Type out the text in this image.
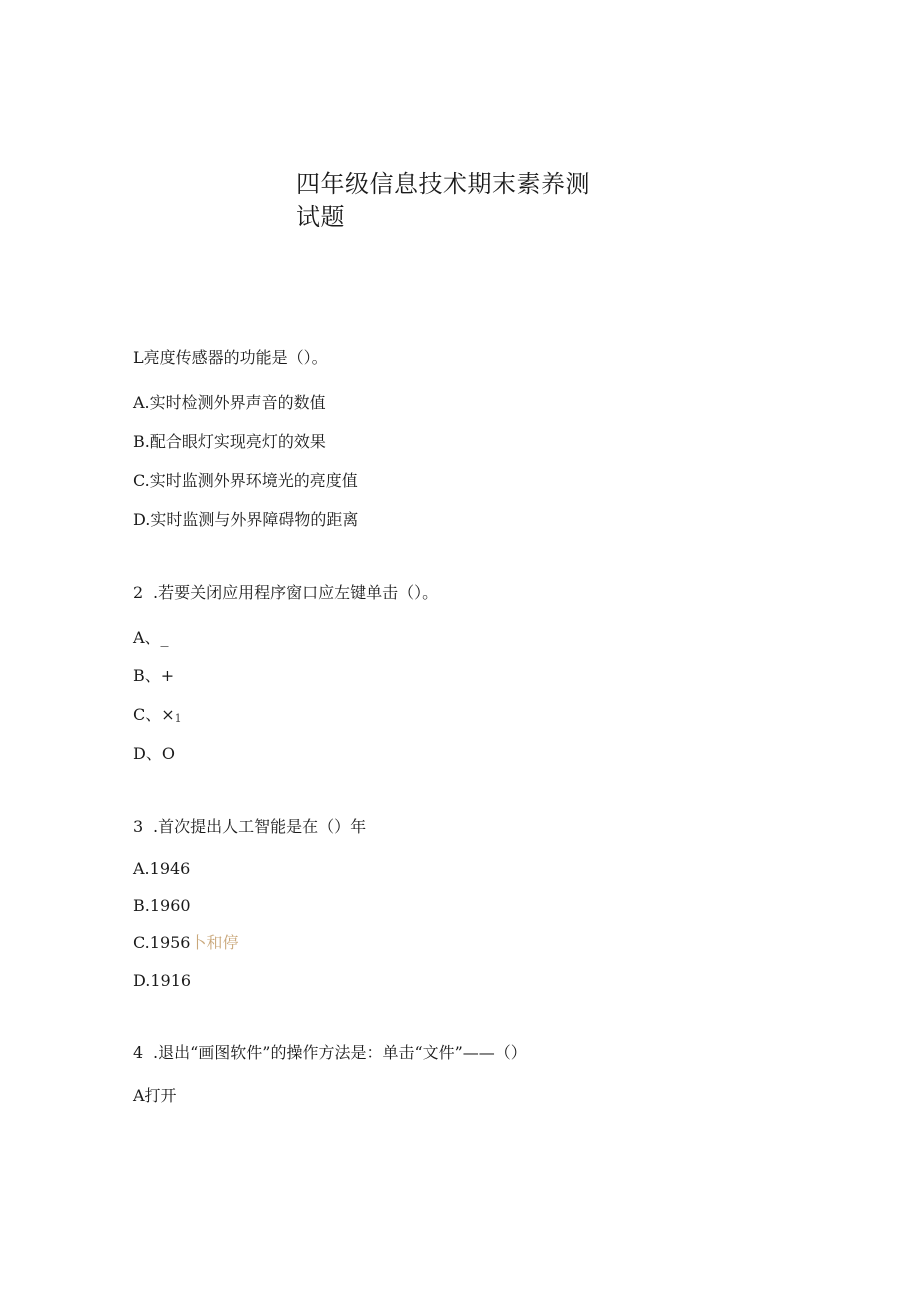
四年级信息技术期末素养测
试题
L亮度传感器的功能是（）。
A.实时检测外界声音的数值
B.配合眼灯实现亮灯的效果
C.实时监测外界环境光的亮度值
D.实时监测与外界障碍物的距离
2 .若要关闭应用程序窗口应左键单击（）。
A、_
B、+
C、×1
D、O
3 .首次提出人工智能是在（）年
A.1946
B.1960
C.1956卜和停
D.1916
4 .退出“画图软件”的操作方法是：单击“文件”——（）
A打开
